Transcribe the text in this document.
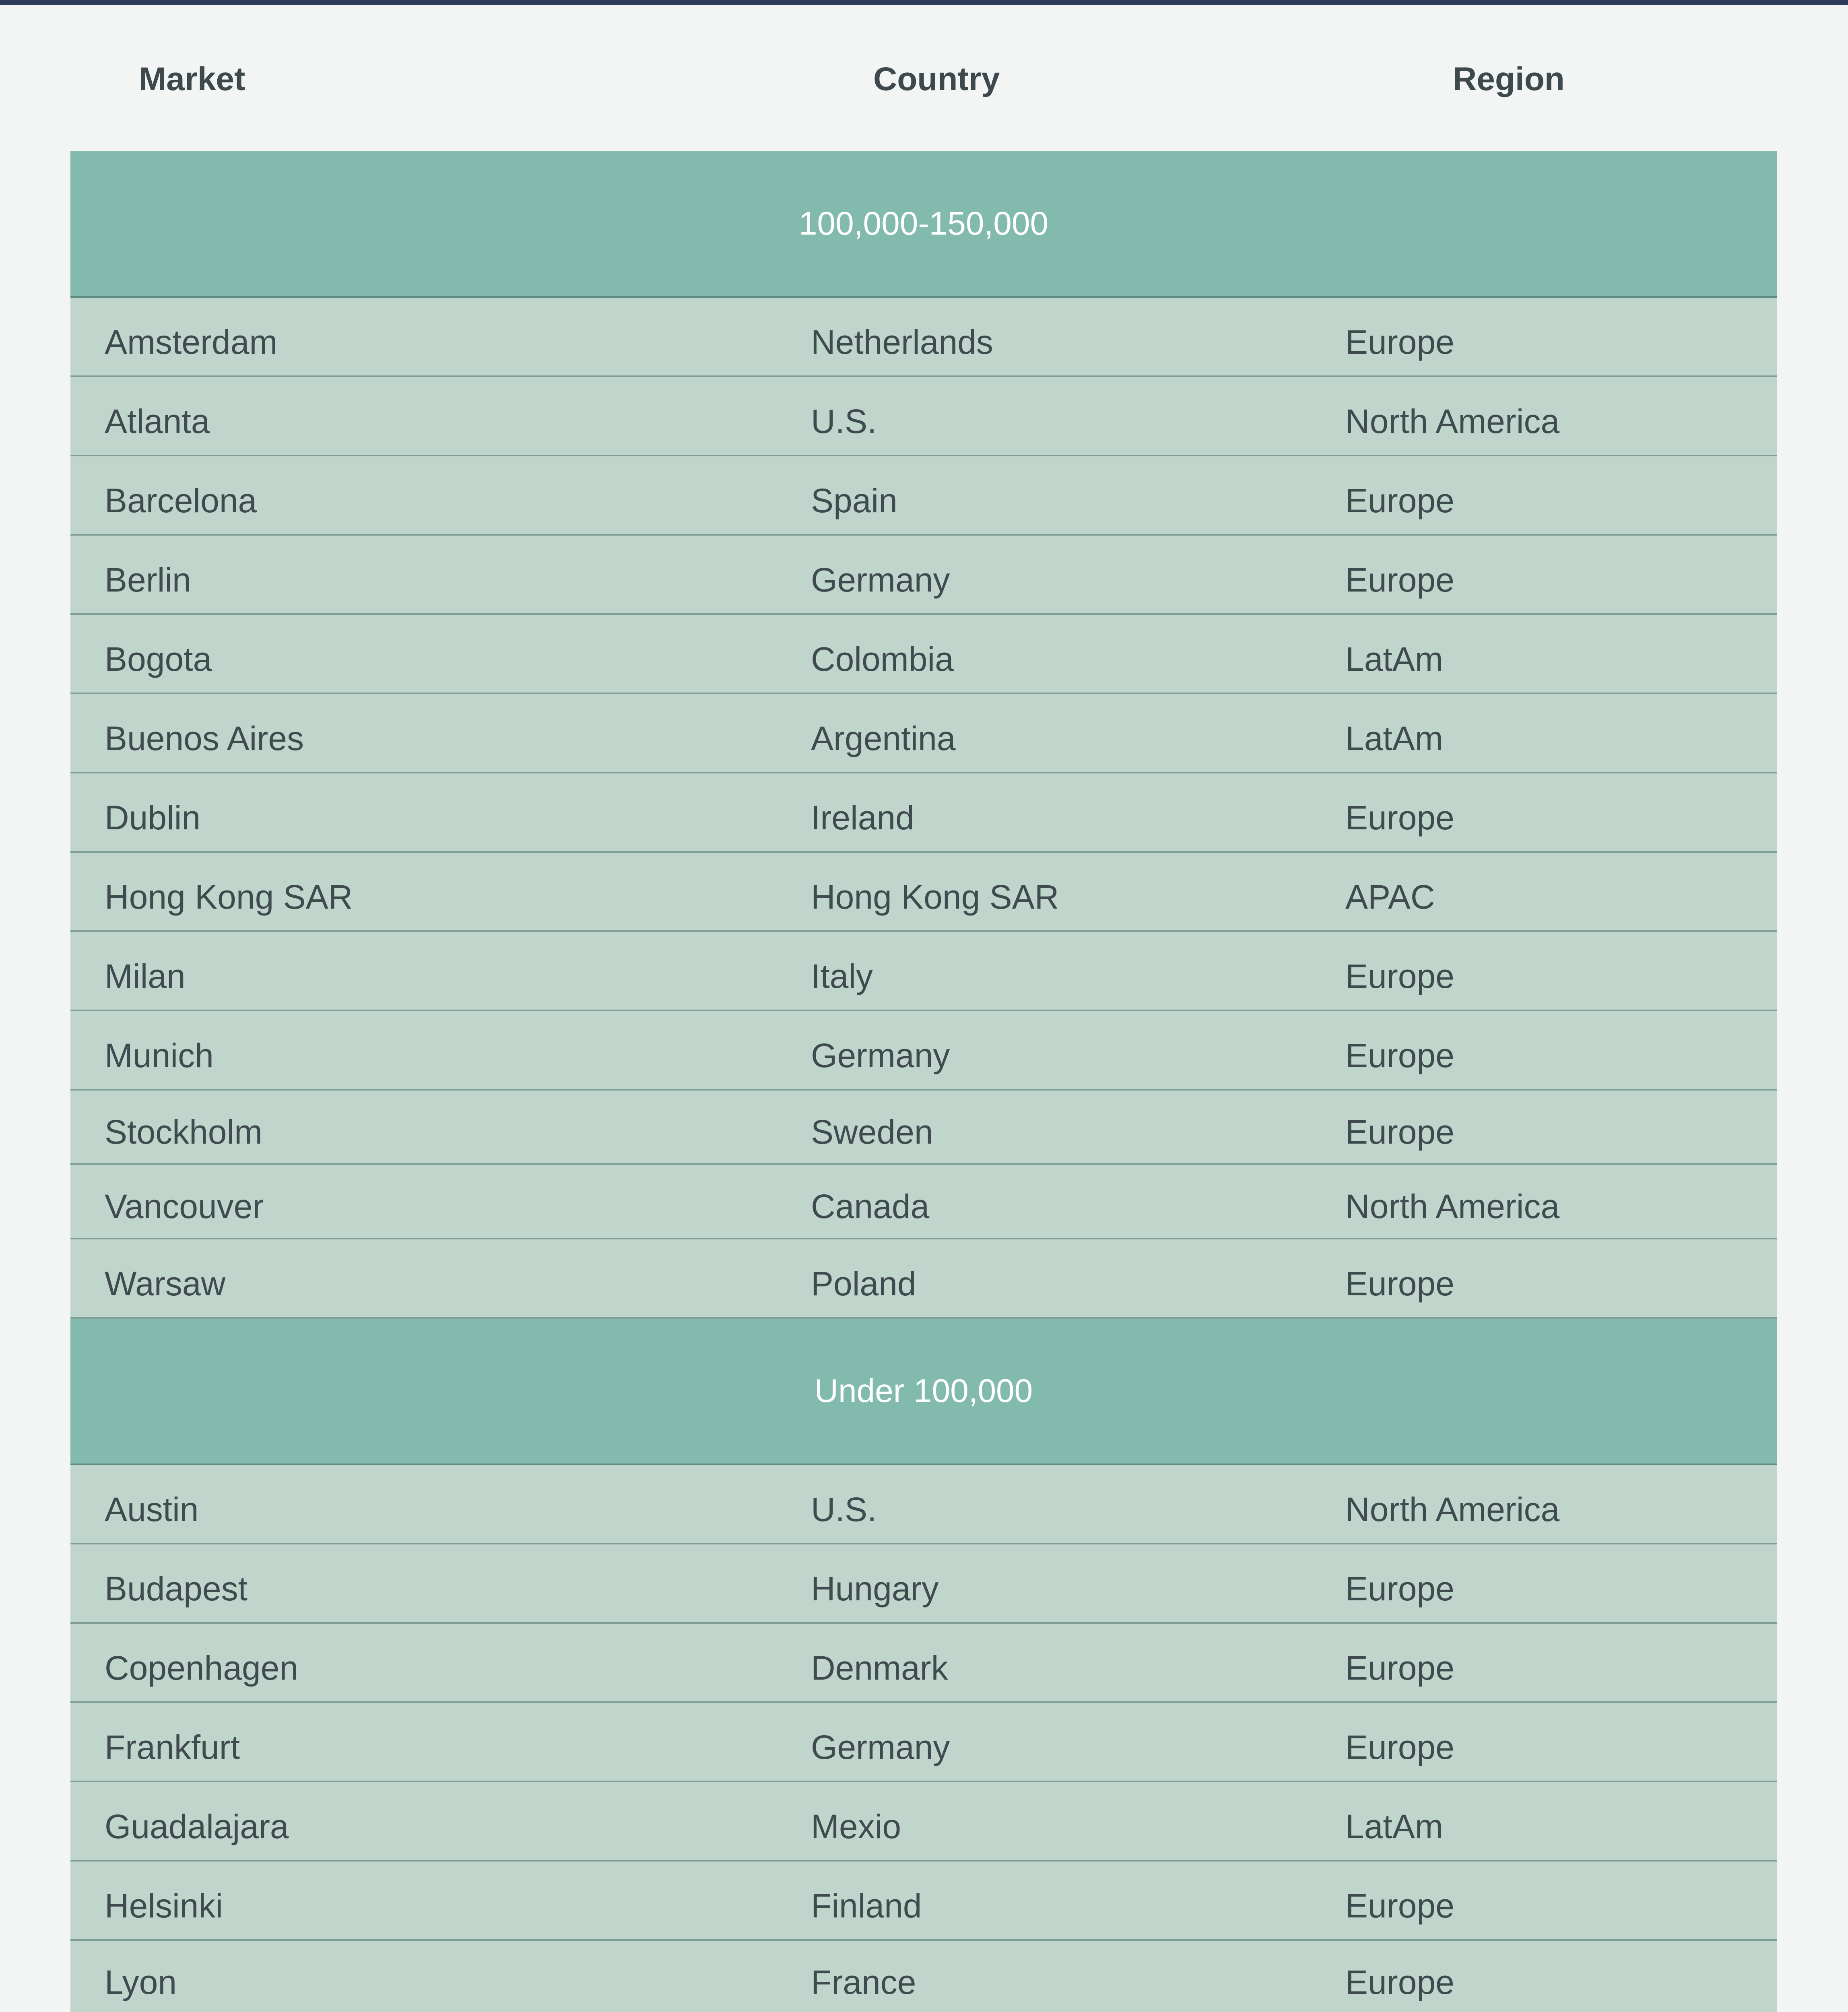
Market	Country	Region
100,000-150,000
Amsterdam	Netherlands	Europe
Atlanta	U.S.	North America
Barcelona	Spain	Europe
Berlin	Germany	Europe
Bogota	Colombia	LatAm
Buenos Aires	Argentina	LatAm
Dublin	Ireland	Europe
Hong Kong SAR	Hong Kong SAR	APAC
Milan	Italy	Europe
Munich	Germany	Europe
Stockholm	Sweden	Europe
Vancouver	Canada	North America
Warsaw	Poland	Europe
Under 100,000
Austin	U.S.	North America
Budapest	Hungary	Europe
Copenhagen	Denmark	Europe
Frankfurt	Germany	Europe
Guadalajara	Mexio	LatAm
Helsinki	Finland	Europe
Lyon	France	Europe
